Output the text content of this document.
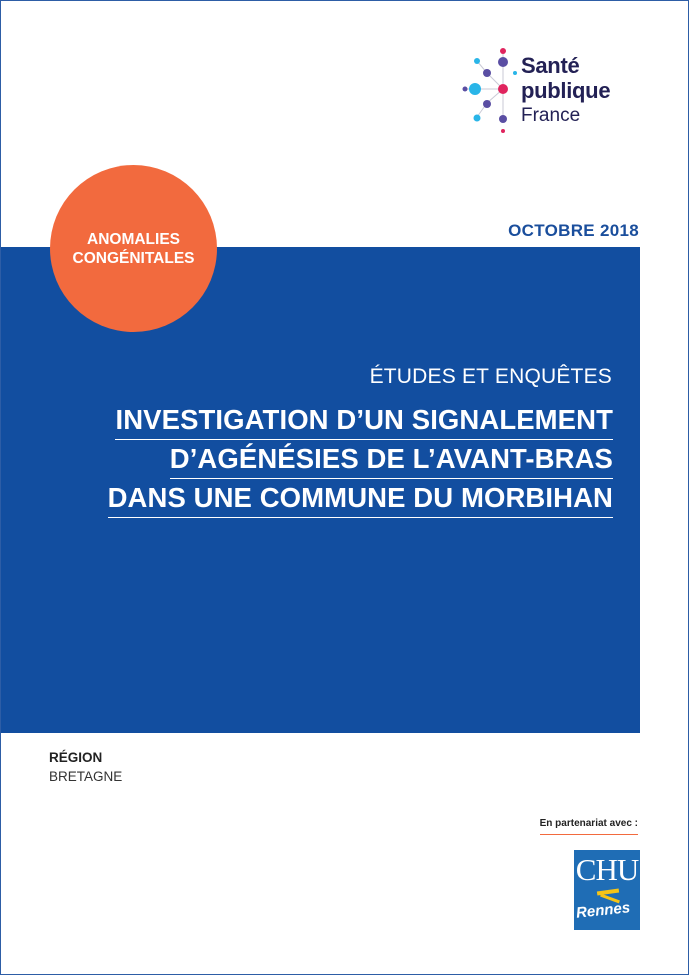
Santé
publique
France
OCTOBRE 2018
ANOMALIES
CONGÉNITALES
ÉTUDES ET ENQUÊTES
INVESTIGATION D’UN SIGNALEMENT
D’AGÉNÉSIES DE L’AVANT-BRAS
DANS UNE COMMUNE DU MORBIHAN
RÉGION
BRETAGNE
En partenariat avec :
CHU
Rennes
